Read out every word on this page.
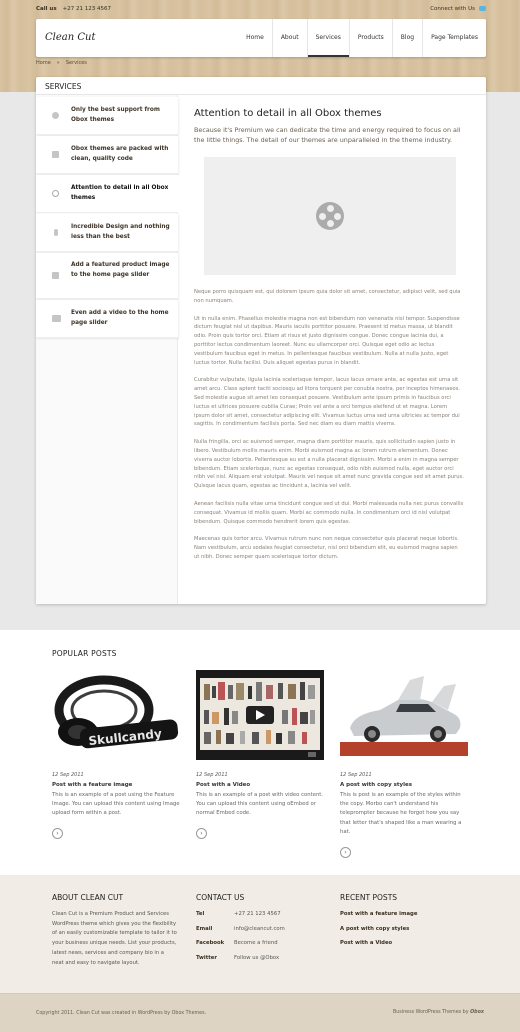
Call us +27 21 123 4567	Connect with Us
Clean Cut	Home	About	Services	Products	Blog	Page Templates
Home » Services
SERVICES
Only the best support from Obox themes
Obox themes are packed with clean, quality code
Attention to detail in all Obox themes
Incredible Design and nothing less than the best
Add a featured product image to the home page slider
Even add a video to the home page slider
Attention to detail in all Obox themes
Because it's Premium we can dedicate the time and energy required to focus on all the little things. The detail of our themes are unparalleled in the theme industry.

Neque porro quisquam est, qui dolorem ipsum quia dolor sit amet, consectetur, adipisci velit, sed quia non numquam.

Ut in nulla enim. Phasellus molestie magna non est bibendum non venenatis nisl tempor. Suspendisse dictum feugiat nisl ut dapibus. Mauris iaculis porttitor posuere. Praesent id metus massa, ut blandit odio. Proin quis tortor orci. Etiam at risus et justo dignissim congue. Donec congue lacinia dui, a porttitor lectus condimentum laoreet. Nunc eu ullamcorper orci. Quisque eget odio ac lectus vestibulum faucibus eget in metus. In pellentesque faucibus vestibulum. Nulla at nulla justo, eget luctus tortor. Nulla facilisi. Duis aliquet egestas purus in blandit.

Curabitur vulputate, ligula lacinia scelerisque tempor, lacus lacus ornare ante, ac egestas est urna sit amet arcu. Class aptent taciti sociosqu ad litora torquent per conubia nostra, per inceptos himenaeos. Sed molestie augue sit amet leo consequat posuere. Vestibulum ante ipsum primis in faucibus orci luctus et ultrices posuere cubilia Curae; Proin vel ante a orci tempus eleifend ut et magna. Lorem ipsum dolor sit amet, consectetur adipiscing elit. Vivamus luctus urna sed urna ultricies ac tempor dui sagittis. In condimentum facilisis porta. Sed nec diam eu diam mattis viverra.

Nulla fringilla, orci ac euismod semper, magna diam porttitor mauris, quis sollicitudin sapien justo in libero. Vestibulum mollis mauris enim. Morbi euismod magna ac lorem rutrum elementum. Donec viverra auctor lobortis. Pellentesque eu est a nulla placerat dignissim. Morbi a enim in magna semper bibendum. Etiam scelerisque, nunc ac egestas consequat, odio nibh euismod nulla, eget auctor orci nibh vel nisl. Aliquam erat volutpat. Mauris vel neque sit amet nunc gravida congue sed sit amet purus. Quisque lacus quam, egestas ac tincidunt a, lacinia vel velit.

Aenean facilisis nulla vitae urna tincidunt congue sed ut dui. Morbi malesuada nulla nec purus convallis consequat. Vivamus id mollis quam. Morbi ac commodo nulla. In condimentum orci id nisl volutpat bibendum. Quisque commodo hendrerit lorem quis egestas.

Maecenas quis tortor arcu. Vivamus rutrum nunc non neque consectetur quis placerat neque lobortis. Nam vestibulum, arcu sodales feugiat consectetur, nisl orci bibendum elit, eu euismod magna sapien ut nibh. Donec semper quam scelerisque tortor dictum.

POPULAR POSTS
Skullcandy
12 Sep 2011
Post with a feature image
This is an example of a post using the Feature Image. You can upload this content using Image upload form within a post.
›
12 Sep 2011
Post with a Video
This is an example of a post with video content. You can upload this content using oEmbed or normal Embed code.
›
12 Sep 2011
A post with copy styles
This is post is an example of the styles within the copy. Morbo can't understand his teleprompter because he forgot how you say that letter that's shaped like a man wearing a hat.
›
ABOUT CLEAN CUT
Clean Cut is a Premium Product and Services WordPress theme which gives you the flexibility of an easily customizable template to tailor it to your business unique needs. List your products, latest news, services and company bio in a neat and easy to navigate layout.
CONTACT US
Tel	+27 21 123 4567
Email	info@cleancut.com
Facebook Become a friend
Twitter	Follow us @Obox
RECENT POSTS
Post with a feature image
A post with copy styles
Post with a Video
Copyright 2011. Clean Cut was created in WordPress by Obox Themes.	Business WordPress Themes by Obox
